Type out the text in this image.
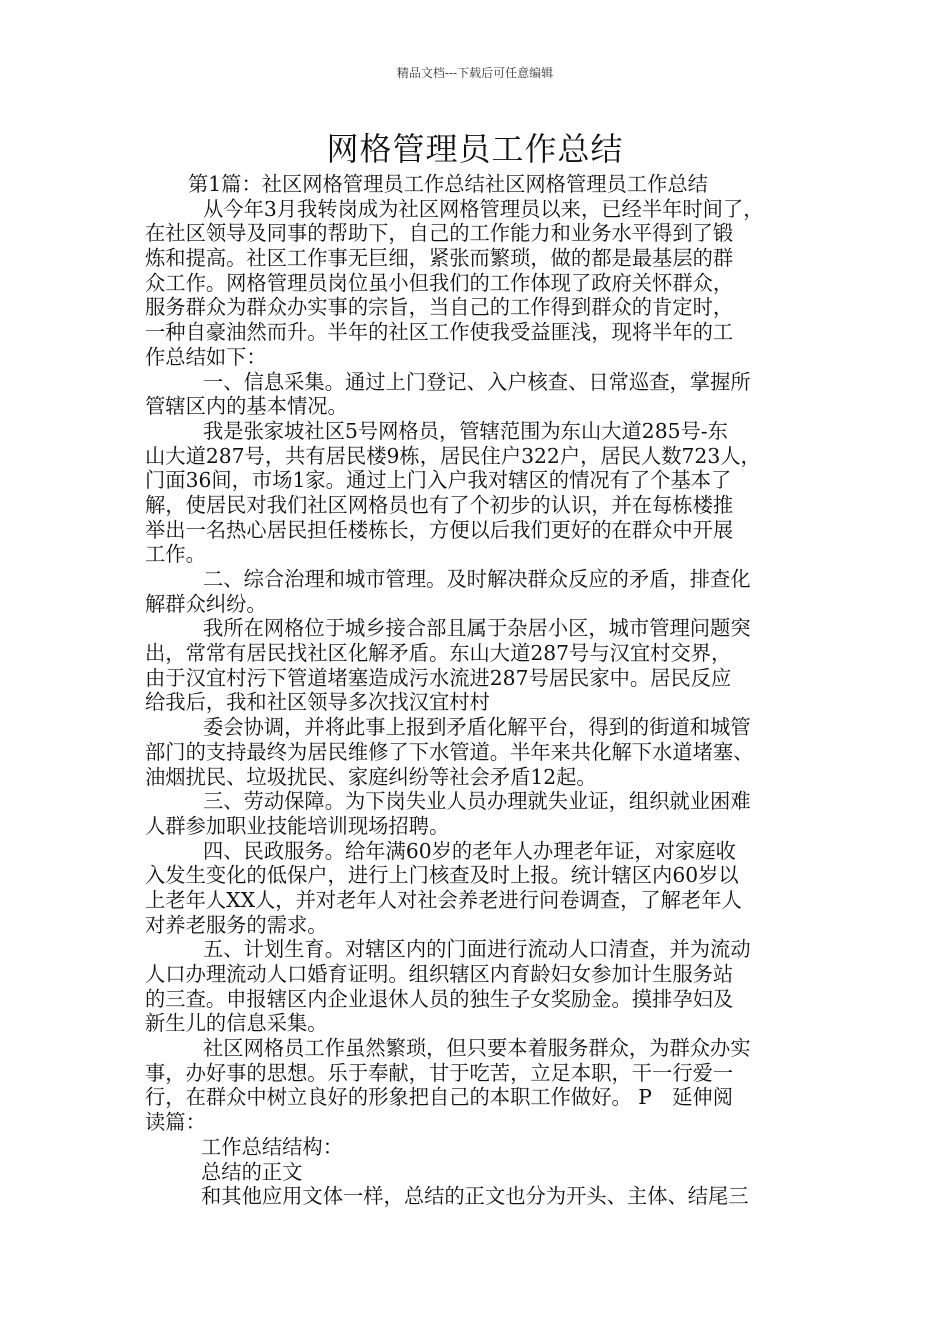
精品文档---下载后可任意编辑
网格管理员工作总结
第1篇：社区网格管理员工作总结社区网格管理员工作总结
从今年3月我转岗成为社区网格管理员以来，已经半年时间了，
在社区领导及同事的帮助下，自己的工作能力和业务水平得到了锻
炼和提高。社区工作事无巨细，紧张而繁琐，做的都是最基层的群
众工作。网格管理员岗位虽小但我们的工作体现了政府关怀群众，
服务群众为群众办实事的宗旨，当自己的工作得到群众的肯定时，
一种自豪油然而升。半年的社区工作使我受益匪浅，现将半年的工
作总结如下：
一、信息采集。通过上门登记、入户核查、日常巡查，掌握所
管辖区内的基本情况。
我是张家坡社区5号网格员，管辖范围为东山大道285号-东
山大道287号，共有居民楼9栋，居民住户322户，居民人数723人，
门面36间，市场1家。通过上门入户我对辖区的情况有了个基本了
解，使居民对我们社区网格员也有了个初步的认识，并在每栋楼推
举出一名热心居民担任楼栋长，方便以后我们更好的在群众中开展
工作。
二、综合治理和城市管理。及时解决群众反应的矛盾，排查化
解群众纠纷。
我所在网格位于城乡接合部且属于杂居小区，城市管理问题突
出，常常有居民找社区化解矛盾。东山大道287号与汉宜村交界，
由于汉宜村污下管道堵塞造成污水流进287号居民家中。居民反应
给我后，我和社区领导多次找汉宜村村
委会协调，并将此事上报到矛盾化解平台，得到的街道和城管
部门的支持最终为居民维修了下水管道。半年来共化解下水道堵塞、
油烟扰民、垃圾扰民、家庭纠纷等社会矛盾12起。
三、劳动保障。为下岗失业人员办理就失业证，组织就业困难
人群参加职业技能培训现场招聘。
四、民政服务。给年满60岁的老年人办理老年证，对家庭收
入发生变化的低保户，进行上门核查及时上报。统计辖区内60岁以
上老年人XX人，并对老年人对社会养老进行问卷调查，了解老年人
对养老服务的需求。
五、计划生育。对辖区内的门面进行流动人口清查，并为流动
人口办理流动人口婚育证明。组织辖区内育龄妇女参加计生服务站
的三查。申报辖区内企业退休人员的独生子女奖励金。摸排孕妇及
新生儿的信息采集。
社区网格员工作虽然繁琐，但只要本着服务群众，为群众办实
事，办好事的思想。乐于奉献，甘于吃苦，立足本职，干一行爱一
行，在群众中树立良好的形象把自己的本职工作做好。 P　延伸阅
读篇：
工作总结结构：
总结的正文
和其他应用文体一样，总结的正文也分为开头、主体、结尾三
